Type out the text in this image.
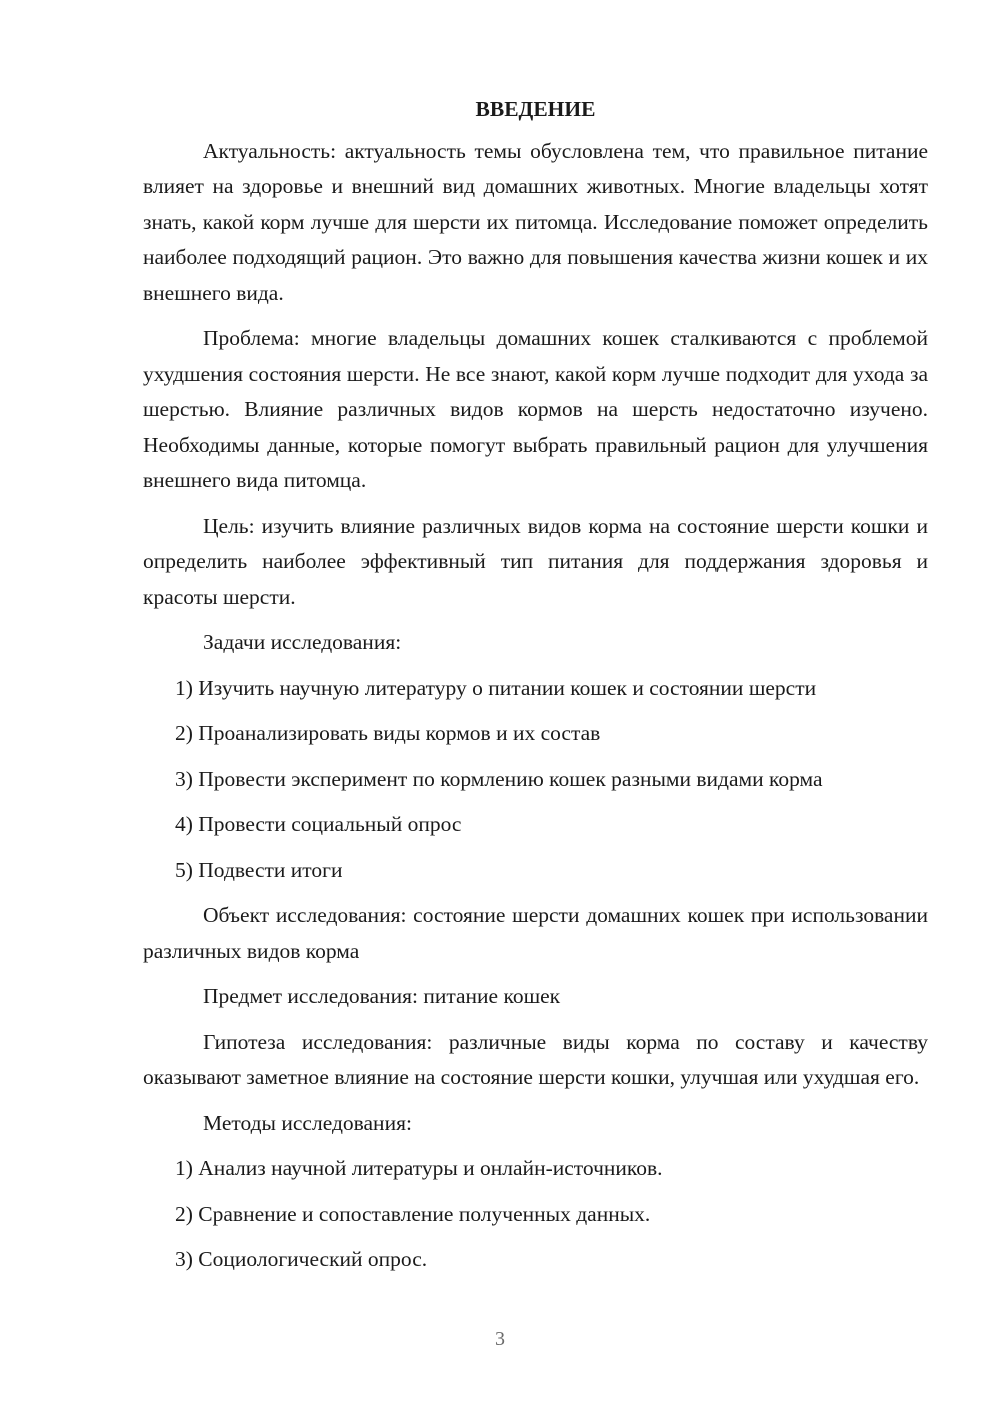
ВВЕДЕНИЕ

Актуальность: актуальность темы обусловлена тем, что правильное питание влияет на здоровье и внешний вид домашних животных. Многие владельцы хотят знать, какой корм лучше для шерсти их питомца. Исследование поможет определить наиболее подходящий рацион. Это важно для повышения качества жизни кошек и их внешнего вида.

Проблема: многие владельцы домашних кошек сталкиваются с проблемой ухудшения состояния шерсти. Не все знают, какой корм лучше подходит для ухода за шерстью. Влияние различных видов кормов на шерсть недостаточно изучено. Необходимы данные, которые помогут выбрать правильный рацион для улучшения внешнего вида питомца.

Цель: изучить влияние различных видов корма на состояние шерсти кошки и определить наиболее эффективный тип питания для поддержания здоровья и красоты шерсти.

Задачи исследования:

1) Изучить научную литературу о питании кошек и состоянии шерсти
2) Проанализировать виды кормов и их состав
3) Провести эксперимент по кормлению кошек разными видами корма
4) Провести социальный опрос
5) Подвести итоги

Объект исследования: состояние шерсти домашних кошек при использовании различных видов корма

Предмет исследования: питание кошек

Гипотеза исследования: различные виды корма по составу и качеству оказывают заметное влияние на состояние шерсти кошки, улучшая или ухудшая его.

Методы исследования:

1) Анализ научной литературы и онлайн-источников.
2) Сравнение и сопоставление полученных данных.
3) Социологический опрос.
3
